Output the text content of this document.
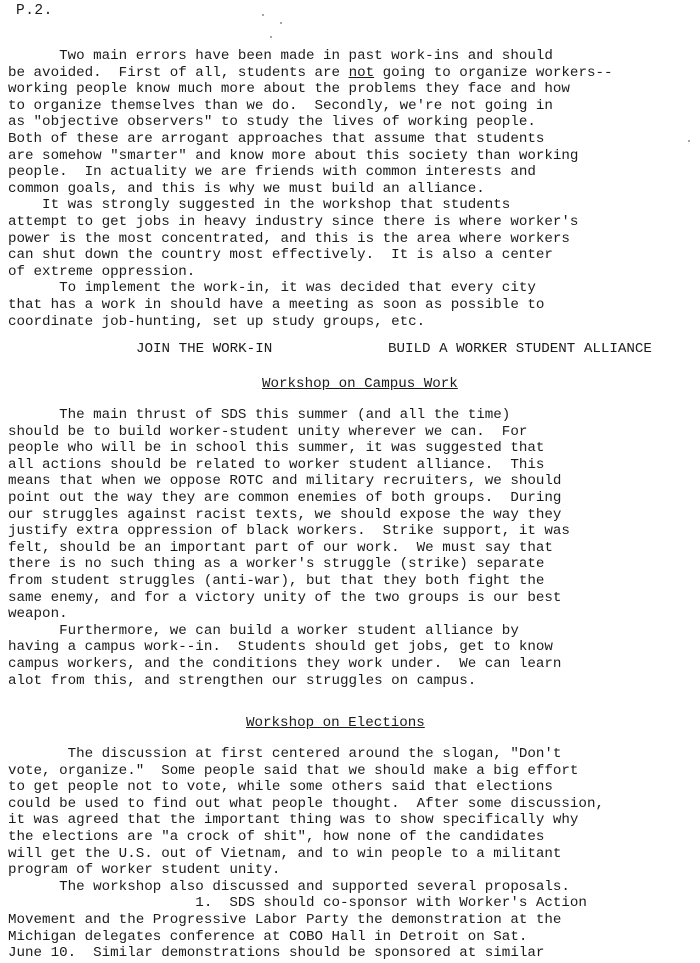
P.2.
Two main errors have been made in past work-ins and should
be avoided.  First of all, students are not going to organize workers--
working people know much more about the problems they face and how
to organize themselves than we do.  Secondly, we're not going in
as "objective observers" to study the lives of working people.
Both of these are arrogant approaches that assume that students
are somehow "smarter" and know more about this society than working
people.  In actuality we are friends with common interests and
common goals, and this is why we must build an alliance.
It was strongly suggested in the workshop that students
attempt to get jobs in heavy industry since there is where worker's
power is the most concentrated, and this is the area where workers
can shut down the country most effectively.  It is also a center
of extreme oppression.
To implement the work-in, it was decided that every city
that has a work in should have a meeting as soon as possible to
coordinate job-hunting, set up study groups, etc.
JOIN THE WORK-IN	BUILD A WORKER STUDENT ALLIANCE
Workshop on Campus Work
The main thrust of SDS this summer (and all the time)
should be to build worker-student unity wherever we can.  For
people who will be in school this summer, it was suggested that
all actions should be related to worker student alliance.  This
means that when we oppose ROTC and military recruiters, we should
point out the way they are common enemies of both groups.  During
our struggles against racist texts, we should expose the way they
justify extra oppression of black workers.  Strike support, it was
felt, should be an important part of our work.  We must say that
there is no such thing as a worker's struggle (strike) separate
from student struggles (anti-war), but that they both fight the
same enemy, and for a victory unity of the two groups is our best
weapon.
Furthermore, we can build a worker student alliance by
having a campus work--in.  Students should get jobs, get to know
campus workers, and the conditions they work under.  We can learn
alot from this, and strengthen our struggles on campus.
Workshop on Elections
The discussion at first centered around the slogan, "Don't
vote, organize."  Some people said that we should make a big effort
to get people not to vote, while some others said that elections
could be used to find out what people thought.  After some discussion,
it was agreed that the important thing was to show specifically why
the elections are "a crock of shit", how none of the candidates
will get the U.S. out of Vietnam, and to win people to a militant
program of worker student unity.
The workshop also discussed and supported several proposals.
1.  SDS should co-sponsor with Worker's Action
Movement and the Progressive Labor Party the demonstration at the
Michigan delegates conference at COBO Hall in Detroit on Sat.
June 10.  Similar demonstrations should be sponsored at similar
